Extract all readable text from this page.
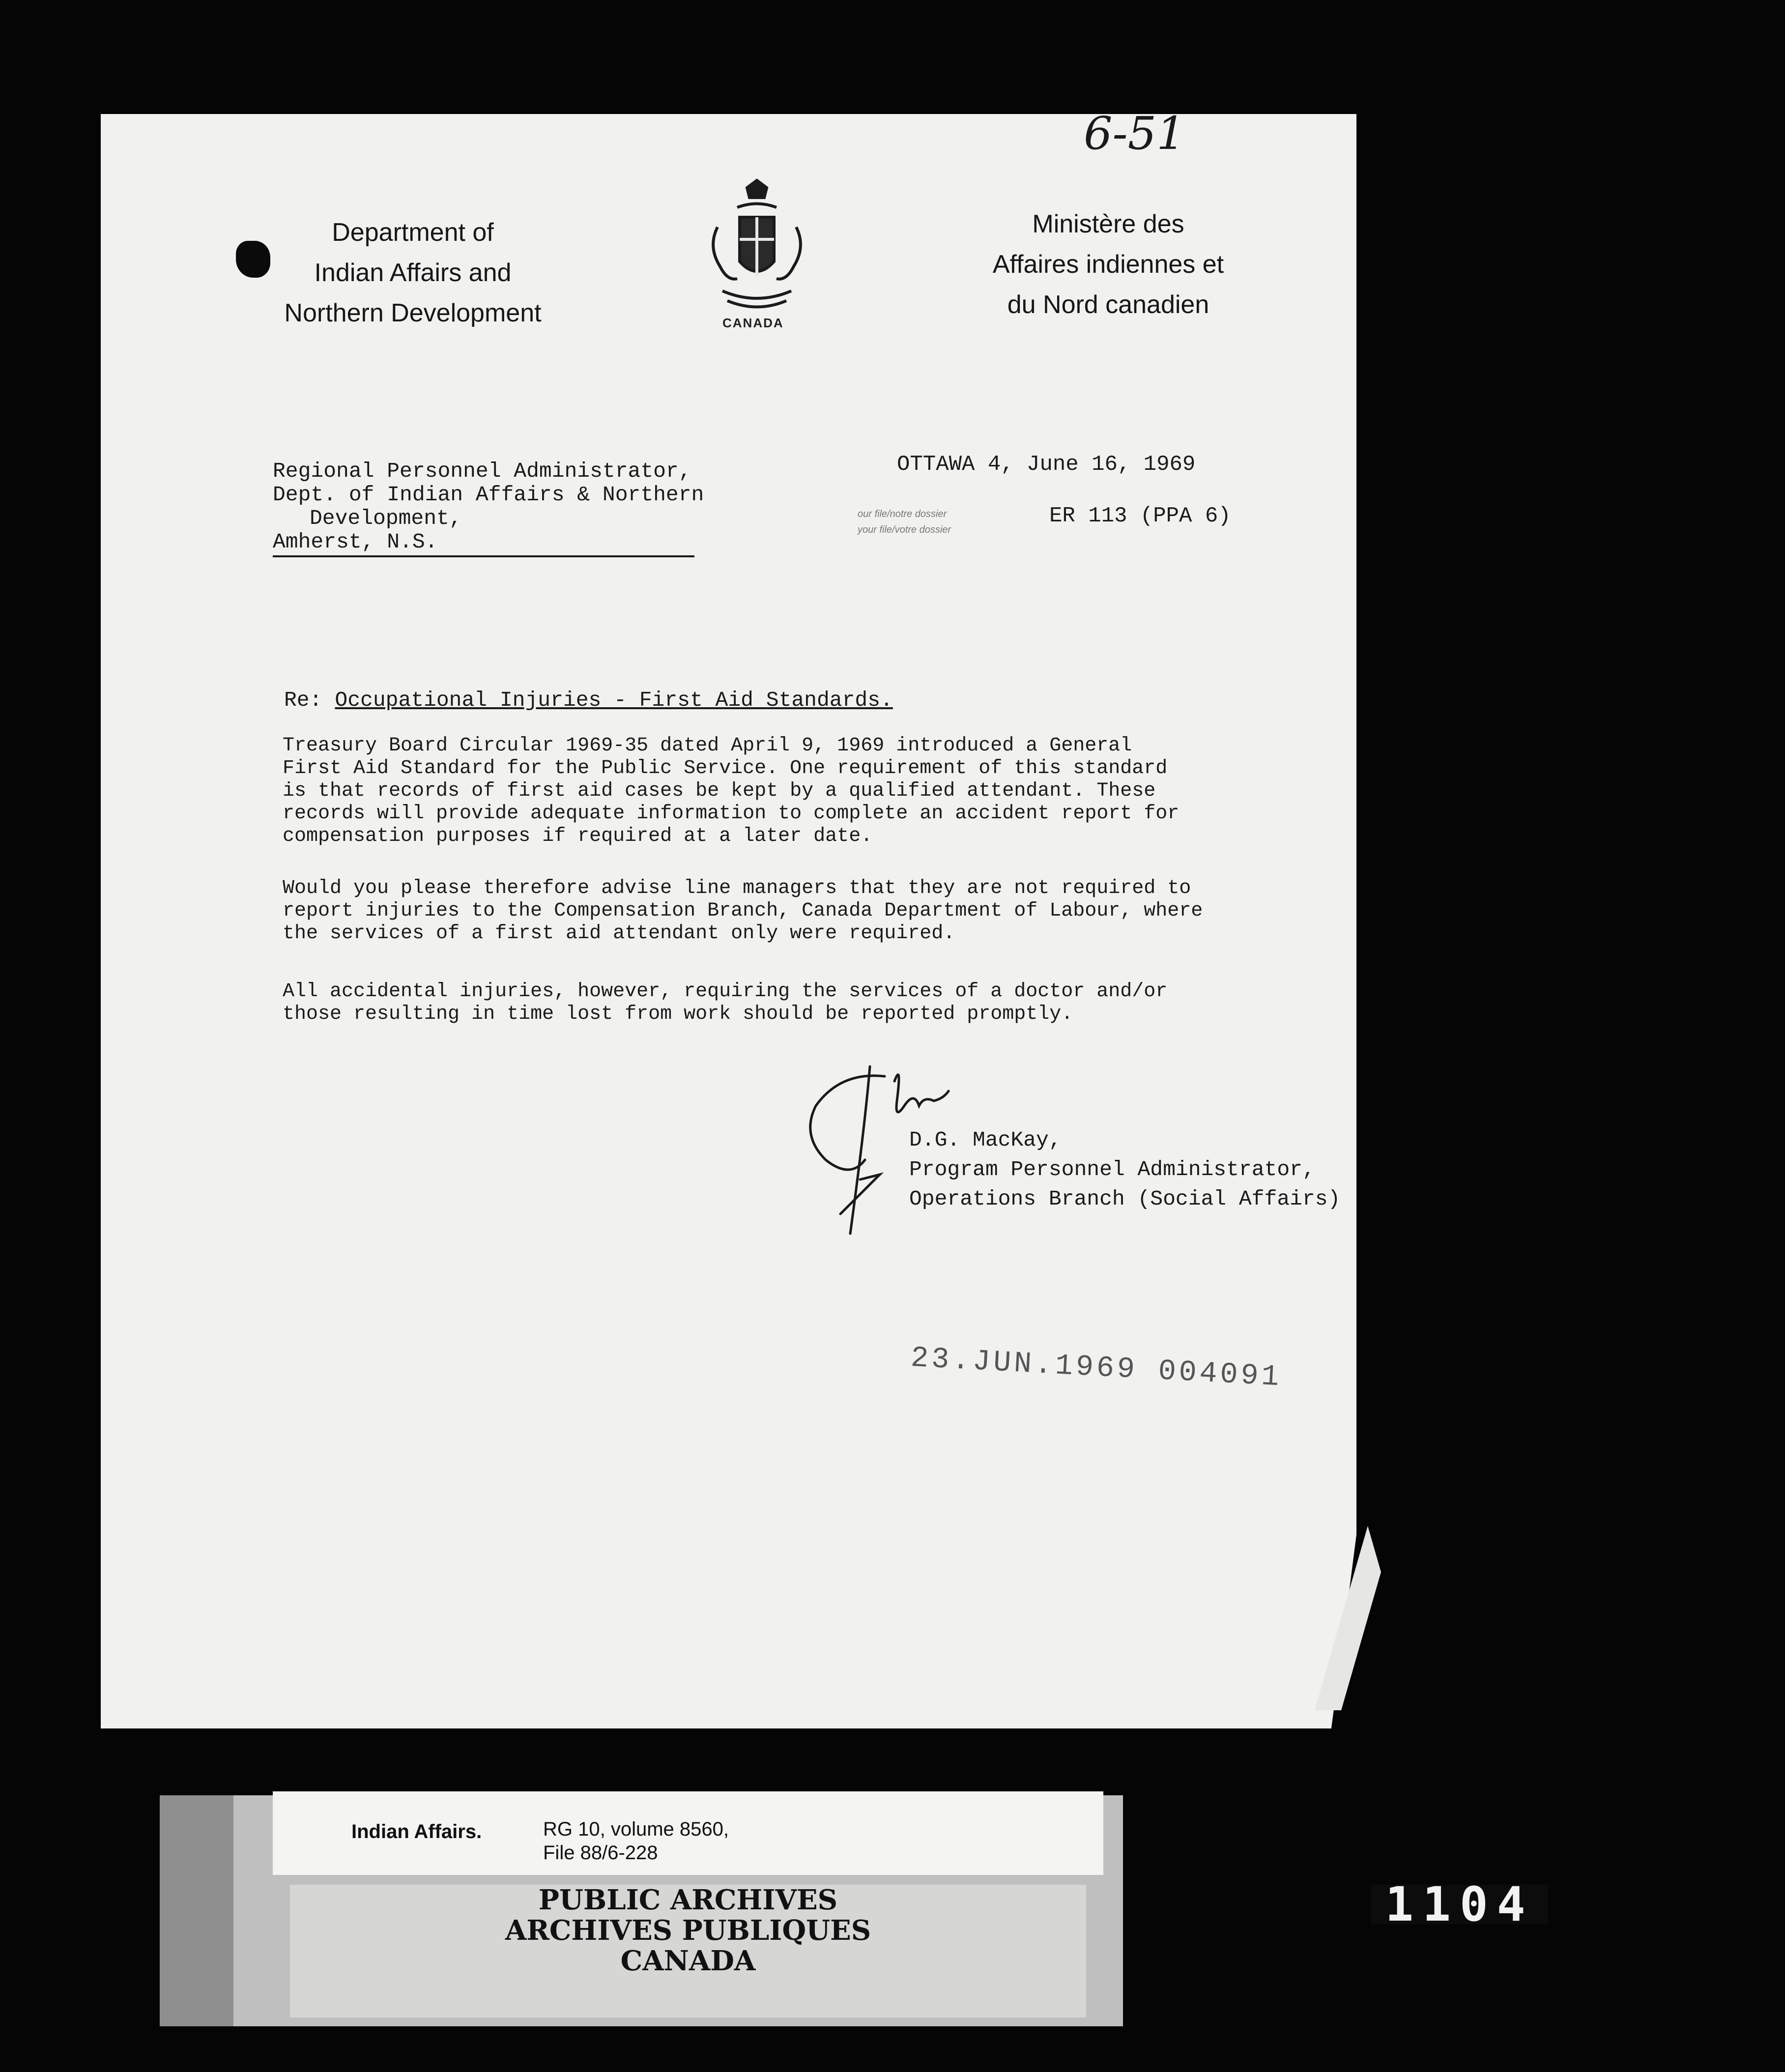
6-51
Department of
Indian Affairs and
Northern Development	CANADA
Ministère des
Affaires indiennes et
du Nord canadien
Regional Personnel Administrator,
Dept. of Indian Affairs & Northern
Development,
Amherst, N.S.
OTTAWA 4, June 16, 1969
our file/notre dossier
your file/votre dossier
ER 113 (PPA 6)
Re: Occupational Injuries - First Aid Standards.
Treasury Board Circular 1969-35 dated April 9, 1969 introduced a General
First Aid Standard for the Public Service. One requirement of this standard
is that records of first aid cases be kept by a qualified attendant. These
records will provide adequate information to complete an accident report for
compensation purposes if required at a later date.
Would you please therefore advise line managers that they are not required to
report injuries to the Compensation Branch, Canada Department of Labour, where
the services of a first aid attendant only were required.
All accidental injuries, however, requiring the services of a doctor and/or
those resulting in time lost from work should be reported promptly.
D.G. MacKay,
Program Personnel Administrator,
Operations Branch (Social Affairs)
23.JUN.1969 004091
Indian Affairs.	RG 10, volume 8560,
File 88/6-228
PUBLIC ARCHIVES
ARCHIVES PUBLIQUES
CANADA
1104
